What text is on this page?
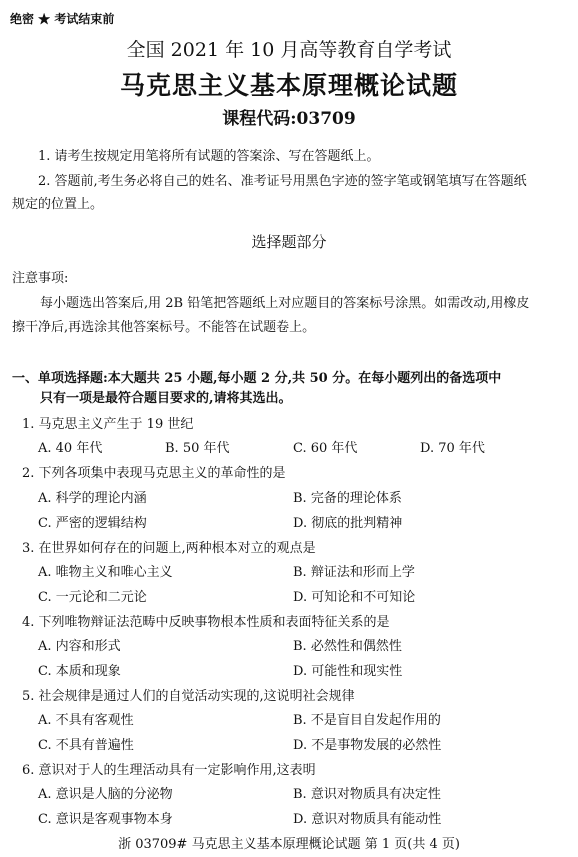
绝密 ★ 考试结束前
全国 2021 年 10 月高等教育自学考试
马克思主义基本原理概论试题
课程代码:03709
1. 请考生按规定用笔将所有试题的答案涂、写在答题纸上。
2. 答题前,考生务必将自己的姓名、准考证号用黑色字迹的签字笔或钢笔填写在答题纸
规定的位置上。
选择题部分
注意事项:
每小题选出答案后,用 2B 铅笔把答题纸上对应题目的答案标号涂黑。如需改动,用橡皮
擦干净后,再选涂其他答案标号。不能答在试题卷上。
一、单项选择题:本大题共 25 小题,每小题 2 分,共 50 分。在每小题列出的备选项中
只有一项是最符合题目要求的,请将其选出。
1. 马克思主义产生于 19 世纪
A. 40 年代	B. 50 年代	C. 60 年代	D. 70 年代
2. 下列各项集中表现马克思主义的革命性的是
A. 科学的理论内涵	B. 完备的理论体系
C. 严密的逻辑结构	D. 彻底的批判精神
3. 在世界如何存在的问题上,两种根本对立的观点是
A. 唯物主义和唯心主义	B. 辩证法和形而上学
C. 一元论和二元论	D. 可知论和不可知论
4. 下列唯物辩证法范畴中反映事物根本性质和表面特征关系的是
A. 内容和形式	B. 必然性和偶然性
C. 本质和现象	D. 可能性和现实性
5. 社会规律是通过人们的自觉活动实现的,这说明社会规律
A. 不具有客观性	B. 不是盲目自发起作用的
C. 不具有普遍性	D. 不是事物发展的必然性
6. 意识对于人的生理活动具有一定影响作用,这表明
A. 意识是人脑的分泌物	B. 意识对物质具有决定性
C. 意识是客观事物本身	D. 意识对物质具有能动性
浙 03709# 马克思主义基本原理概论试题 第 1 页(共 4 页)
